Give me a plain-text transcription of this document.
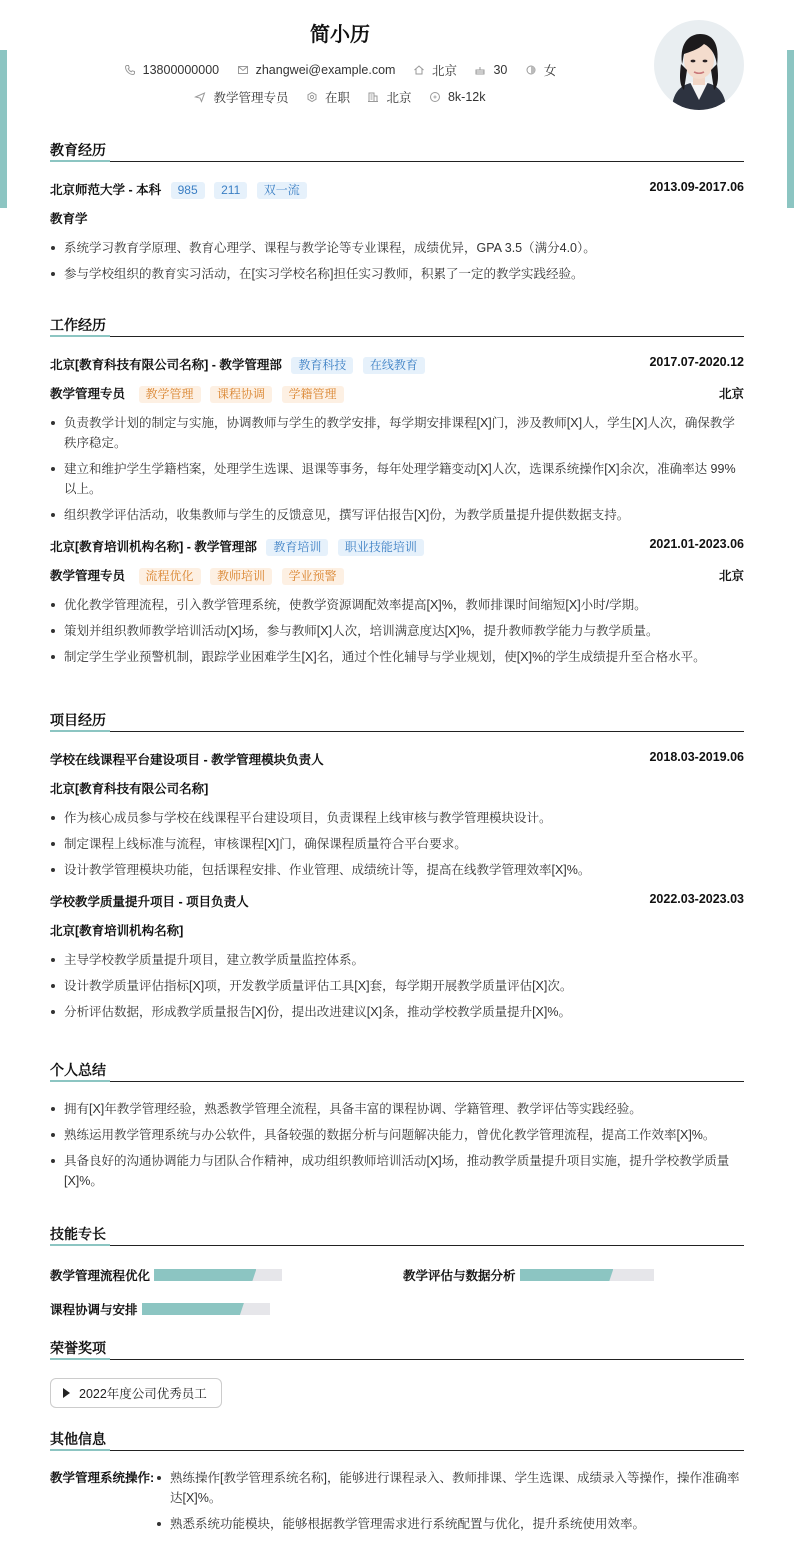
简小历
13800000000
	zhangwei@example.com
	北京
	30
	女
教学管理专员
	在职
	北京
	8k-12k
教育经历
北京师范大学 - 本科 985 211 双一流	2013.09-2017.06
教育学
系统学习教育学原理、教育心理学、课程与教学论等专业课程，成绩优异，GPA 3.5（满分4.0）。
参与学校组织的教育实习活动，在[实习学校名称]担任实习教师，积累了一定的教学实践经验。
工作经历
北京[教育科技有限公司名称] - 教学管理部 教育科技 在线教育	2017.07-2020.12
教学管理专员 教学管理 课程协调 学籍管理	北京
负责教学计划的制定与实施，协调教师与学生的教学安排，每学期安排课程[X]门，涉及教师[X]人，学生[X]人次，确保教学秩序稳定。
建立和维护学生学籍档案，处理学生选课、退课等事务，每年处理学籍变动[X]人次，选课系统操作[X]余次，准确率达 99%以上。
组织教学评估活动，收集教师与学生的反馈意见，撰写评估报告[X]份，为教学质量提升提供数据支持。
北京[教育培训机构名称] - 教学管理部 教育培训 职业技能培训	2021.01-2023.06
教学管理专员 流程优化 教师培训 学业预警	北京
优化教学管理流程，引入教学管理系统，使教学资源调配效率提高[X]%，教师排课时间缩短[X]小时/学期。
策划并组织教师教学培训活动[X]场，参与教师[X]人次，培训满意度达[X]%，提升教师教学能力与教学质量。
制定学生学业预警机制，跟踪学业困难学生[X]名，通过个性化辅导与学业规划，使[X]%的学生成绩提升至合格水平。
项目经历
学校在线课程平台建设项目 - 教学管理模块负责人	2018.03-2019.06
北京[教育科技有限公司名称]
作为核心成员参与学校在线课程平台建设项目，负责课程上线审核与教学管理模块设计。
制定课程上线标准与流程，审核课程[X]门，确保课程质量符合平台要求。
设计教学管理模块功能，包括课程安排、作业管理、成绩统计等，提高在线教学管理效率[X]%。
学校教学质量提升项目 - 项目负责人	2022.03-2023.03
北京[教育培训机构名称]
主导学校教学质量提升项目，建立教学质量监控体系。
设计教学质量评估指标[X]项，开发教学质量评估工具[X]套，每学期开展教学质量评估[X]次。
分析评估数据，形成教学质量报告[X]份，提出改进建议[X]条，推动学校教学质量提升[X]%。
个人总结
拥有[X]年教学管理经验，熟悉教学管理全流程，具备丰富的课程协调、学籍管理、教学评估等实践经验。
熟练运用教学管理系统与办公软件，具备较强的数据分析与问题解决能力，曾优化教学管理流程，提高工作效率[X]%。
具备良好的沟通协调能力与团队合作精神，成功组织教师培训活动[X]场，推动教学质量提升项目实施，提升学校教学质量[X]%。
技能专长
教学管理流程优化	教学评估与数据分析
课程协调与安排
荣誉奖项
2022年度公司优秀员工
其他信息
教学管理系统操作:	熟练操作[教学管理系统名称]，能够进行课程录入、教师排课、学生选课、成绩录入等操作，操作准确率达[X]%。
熟悉系统功能模块，能够根据教学管理需求进行系统配置与优化，提升系统使用效率。
